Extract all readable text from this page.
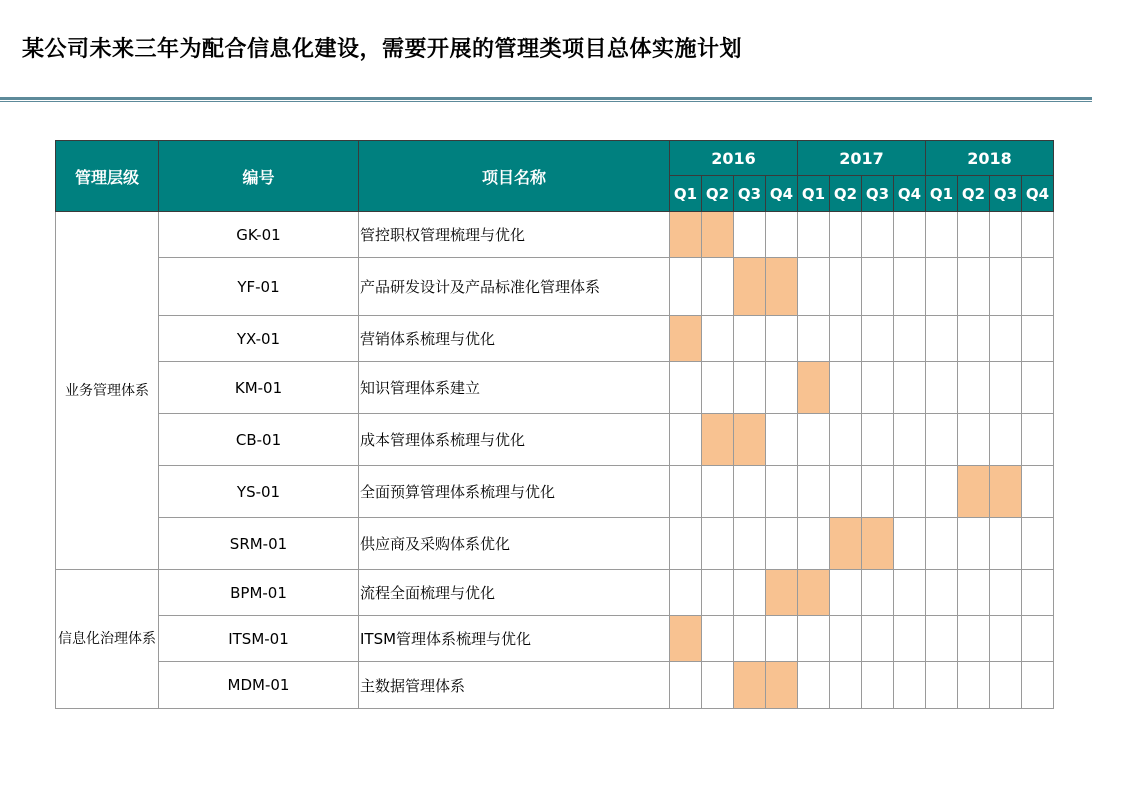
某公司未来三年为配合信息化建设，需要开展的管理类项目总体实施计划
管理层级	编号	项目名称	2016				2017				2018			
			Q1	Q2	Q3	Q4	Q1	Q2	Q3	Q4	Q1	Q2	Q3	Q4
业务管理体系	GK-01	管控职权管理梳理与优化												
	YF-01	产品研发设计及产品标准化管理体系												
	YX-01	营销体系梳理与优化												
	KM-01	知识管理体系建立												
	CB-01	成本管理体系梳理与优化												
	YS-01	全面预算管理体系梳理与优化												
	SRM-01	供应商及采购体系优化												
信息化治理体系	BPM-01	流程全面梳理与优化												
	ITSM-01	ITSM管理体系梳理与优化												
	MDM-01	主数据管理体系												
